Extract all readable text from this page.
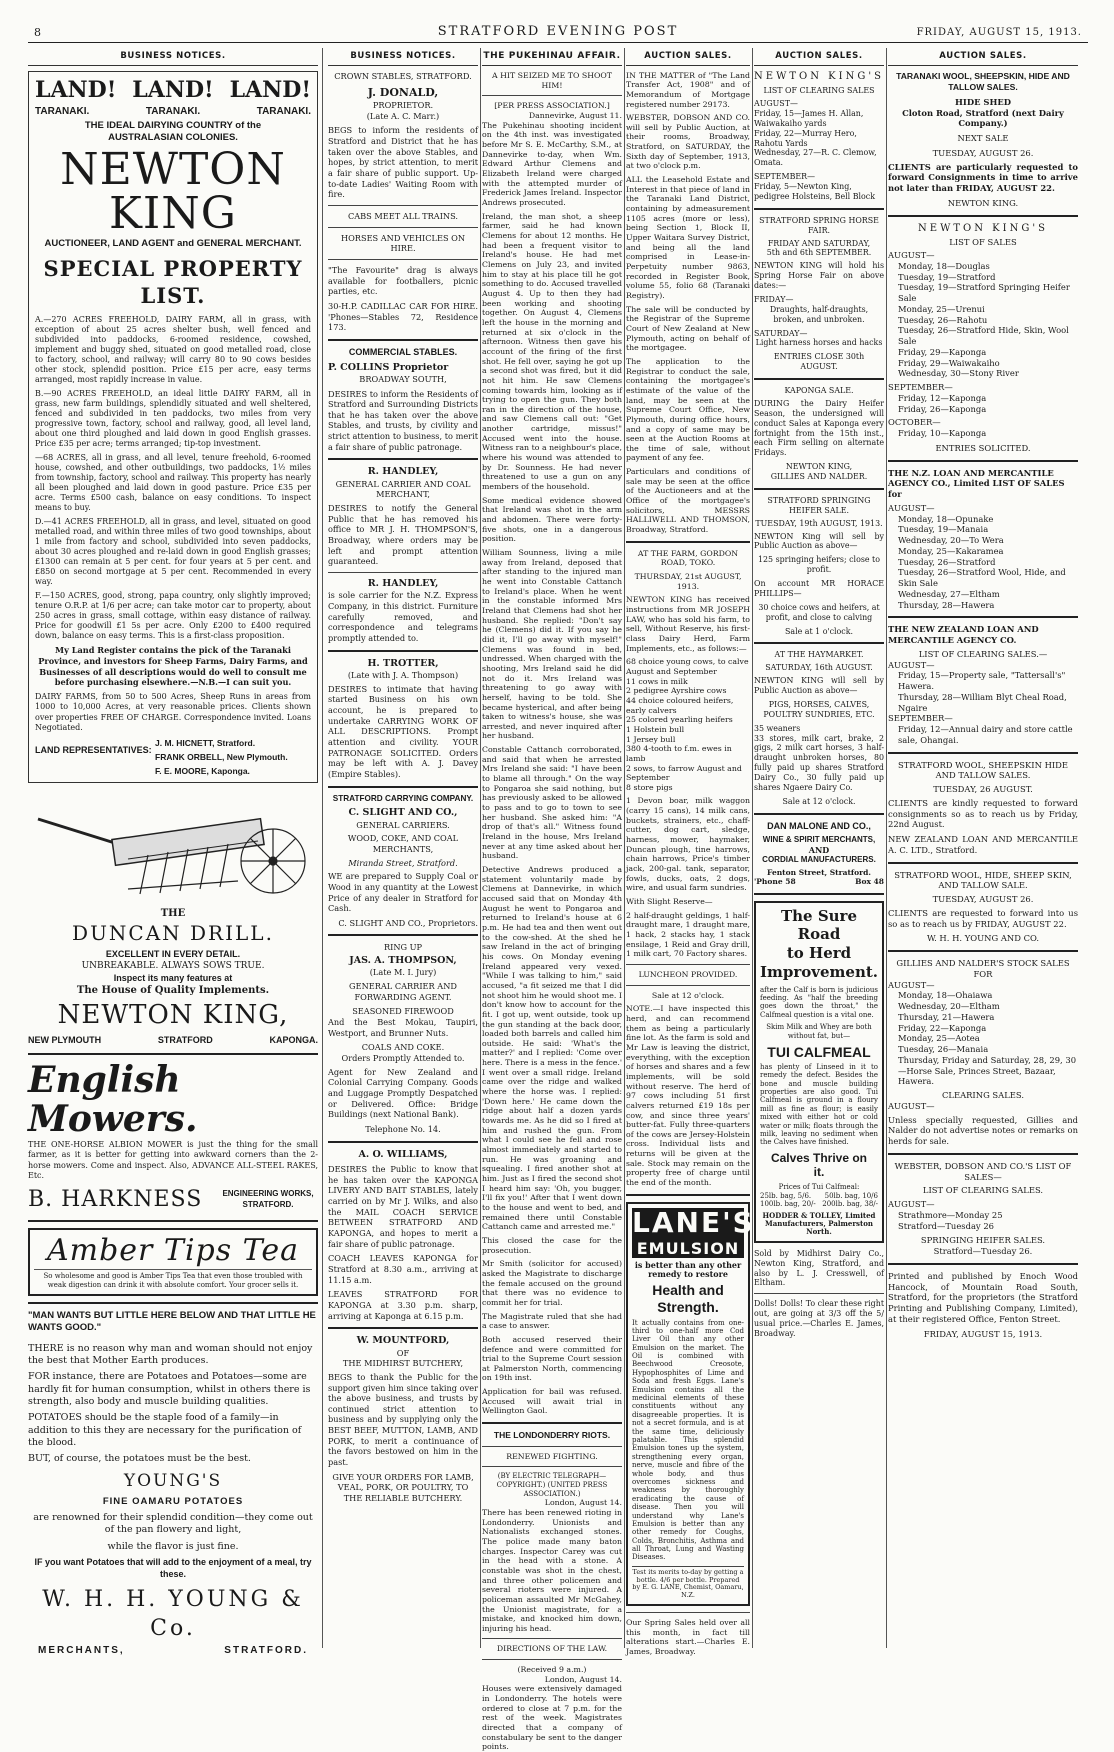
8	STRATFORD EVENING POST	FRIDAY, AUGUST 15, 1913.
BUSINESS NOTICES.
LAND! LAND! LAND!
TARANAKI.	TARANAKI.	TARANAKI.
THE IDEAL DAIRYING COUNTRY of the AUSTRALASIAN COLONIES.
NEWTON KING
AUCTIONEER, LAND AGENT and GENERAL MERCHANT.
SPECIAL PROPERTY LIST.

A.—270 ACRES FREEHOLD, DAIRY FARM, all in grass, with exception of about 25 acres shelter bush, well fenced and subdivided into paddocks, 6-roomed residence, cowshed, implement and buggy shed, situated on good metalled road, close to factory, school, and railway; will carry 80 to 90 cows besides other stock, splendid position. Price £15 per acre, easy terms arranged, most rapidly increase in value.

B.—90 ACRES FREEHOLD, an ideal little DAIRY FARM, all in grass, new farm buildings, splendidly situated and well sheltered, fenced and subdivided in ten paddocks, two miles from very progressive town, factory, school and railway, good, all level land, about one third ploughed and laid down in good English grasses. Price £35 per acre; terms arranged; tip-top investment.

—68 ACRES, all in grass, and all level, tenure freehold, 6-roomed house, cowshed, and other outbuildings, two paddocks, 1½ miles from township, factory, school and railway. This property has nearly all been ploughed and laid down in good pasture. Price £35 per acre. Terms £500 cash, balance on easy conditions. To inspect means to buy.

D.—41 ACRES FREEHOLD, all in grass, and level, situated on good metalled road, and within three miles of two good townships, about 1 mile from factory and school, subdivided into seven paddocks, about 30 acres ploughed and re-laid down in good English grasses; £1300 can remain at 5 per cent. for four years at 5 per cent. and £850 on second mortgage at 5 per cent. Recommended in every way.

F.—150 ACRES, good, strong, papa country, only slightly improved; tenure O.R.P. at 1/6 per acre; can take motor car to property, about 250 acres in grass, small cottage, within easy distance of railway. Price for goodwill £1 5s per acre. Only £200 to £400 required down, balance on easy terms. This is a first-class proposition.

My Land Register contains the pick of the Taranaki Province, and investors for Sheep Farms, Dairy Farms, and Businesses of all descriptions would do well to consult me before purchasing elsewhere.—N.B.—I can suit you.

DAIRY FARMS, from 50 to 500 Acres, Sheep Runs in areas from 1000 to 10,000 Acres, at very reasonable prices. Clients shown over properties FREE OF CHARGE. Correspondence invited. Loans Negotiated.

LAND REPRESENTATIVES:
J. M. HICNETT, Stratford.
FRANK ORBELL, New Plymouth.
F. E. MOORE, Kaponga.
THE
DUNCAN DRILL.
EXCELLENT IN EVERY DETAIL.
UNBREAKABLE. ALWAYS SOWS TRUE.
Inspect its many features at
The House of Quality Implements.
NEWTON KING,
NEW PLYMOUTH	STRATFORD	KAPONGA.
English Mowers.

THE ONE-HORSE ALBION MOWER is just the thing for the small farmer, as it is better for getting into awkward corners than the 2-horse mowers. Come and inspect. Also, ADVANCE ALL-STEEL RAKES, Etc.

B. HARKNESS	ENGINEERING WORKS, STRATFORD.
Amber Tips Tea
So wholesome and good is Amber Tips Tea that even those troubled with weak digestion can drink it with absolute comfort. Your grocer sells it.
"MAN WANTS BUT LITTLE HERE BELOW AND THAT LITTLE HE WANTS GOOD."

THERE is no reason why man and woman should not enjoy the best that Mother Earth produces.

FOR instance, there are Potatoes and Potatoes—some are hardly fit for human consumption, whilst in others there is strength, also body and muscle building qualities.

POTATOES should be the staple food of a family—in addition to this they are necessary for the purification of the blood.

BUT, of course, the potatoes must be the best.

YOUNG'S
FINE OAMARU POTATOES

are renowned for their splendid condition—they come out of the pan flowery and light,

while the flavor is just fine.

IF you want Potatoes that will add to the enjoyment of a meal, try these.

W. H. H. YOUNG & Co.
MERCHANTS,	STRATFORD.
BUSINESS NOTICES.
CROWN STABLES, STRATFORD.
J. DONALD,
PROPRIETOR.
(Late A. C. Marr.)

BEGS to inform the residents of Stratford and District that he has taken over the above Stables, and hopes, by strict attention, to merit a fair share of public support. Up-to-date Ladies' Waiting Room with fire.

CABS MEET ALL TRAINS.
HORSES AND VEHICLES ON HIRE.

"The Favourite" drag is always available for footballers, picnic parties, etc.

30-H.P. CADILLAC CAR FOR HIRE. 'Phones—Stables 72, Residence 173.

COMMERCIAL STABLES.
P. COLLINS Proprietor
BROADWAY SOUTH,

DESIRES to inform the Residents of Stratford and Surrounding Districts that he has taken over the above Stables, and trusts, by civility and strict attention to business, to merit a fair share of public patronage.

R. HANDLEY,
GENERAL CARRIER AND COAL MERCHANT,

DESIRES to notify the General Public that he has removed his office to MR J. H. THOMPSON'S, Broadway, where orders may be left and prompt attention guaranteed.

R. HANDLEY,

is sole carrier for the N.Z. Express Company, in this district. Furniture carefully removed, and correspondence and telegrams promptly attended to.

H. TROTTER,
(Late with J. A. Thompson)

DESIRES to intimate that having started Business on his own account, he is prepared to undertake CARRYING WORK OF ALL DESCRIPTIONS. Prompt attention and civility. YOUR PATRONAGE SOLICITED. Orders may be left with A. J. Davey (Empire Stables).

STRATFORD CARRYING COMPANY.
C. SLIGHT AND CO.,
GENERAL CARRIERS.
WOOD, COKE, AND COAL MERCHANTS,
Miranda Street, Stratford.

WE are prepared to Supply Coal or Wood in any quantity at the Lowest Price of any dealer in Stratford for Cash.

C. SLIGHT AND CO., Proprietors.
RING UP
JAS. A. THOMPSON,
(Late M. I. Jury)

GENERAL CARRIER AND FORWARDING AGENT.

SEASONED FIREWOOD

And the Best Mokau, Taupiri, Westport, and Brunner Nuts.

COALS AND COKE.
Orders Promptly Attended to.

Agent for New Zealand and Colonial Carrying Company. Goods and Luggage Promptly Despatched or Delivered. Office: Bridge Buildings (next National Bank).

Telephone No. 14.
A. O. WILLIAMS,

DESIRES the Public to know that he has taken over the KAPONGA LIVERY AND BAIT STABLES, lately carried on by Mr J. Wilks, and also the MAIL COACH SERVICE BETWEEN STRATFORD AND KAPONGA, and hopes to merit a fair share of public patronage.

COACH LEAVES KAPONGA for Stratford at 8.30 a.m., arriving at 11.15 a.m.

LEAVES STRATFORD FOR KAPONGA at 3.30 p.m. sharp, arriving at Kaponga at 6.15 p.m.

W. MOUNTFORD,
OF
THE MIDHIRST BUTCHERY,

BEGS to thank the Public for the support given him since taking over the above business, and trusts by continued strict attention to business and by supplying only the BEST BEEF, MUTTON, LAMB, AND PORK, to merit a continuance of the favors bestowed on him in the past.

GIVE YOUR ORDERS FOR LAMB, VEAL, PORK, OR POULTRY, TO THE RELIABLE BUTCHERY.

THE PUKEHINAU AFFAIR.
A HIT SEIZED ME TO SHOOT HIM!
[PER PRESS ASSOCIATION.]
Dannevirke, August 11.

The Pukehinau shooting incident on the 4th inst. was investigated before Mr S. E. McCarthy, S.M., at Dannevirke to-day, when Wm. Edward Arthur Clemens and Elizabeth Ireland were charged with the attempted murder of Frederick James Ireland. Inspector Andrews prosecuted.

Ireland, the man shot, a sheep farmer, said he had known Clemens for about 12 months. He had been a frequent visitor to Ireland's house. He had met Clemens on July 23, and invited him to stay at his place till he got something to do. Accused travelled August 4. Up to then they had been working and shooting together. On August 4, Clemens left the house in the morning and returned at six o'clock in the afternoon. Witness then gave his account of the firing of the first shot. He fell over, saying he got up a second shot was fired, but it did not hit him. He saw Clemens coming towards him, looking as if trying to open the gun. They both ran in the direction of the house, and saw Clemens call out: "Get another cartridge, missus!" Accused went into the house. Witness ran to a neighbour's place, where his wound was attended to by Dr. Sounness. He had never threatened to use a gun on any members of the household.

Some medical evidence showed that Ireland was shot in the arm and abdomen. There were forty-five shots, one in a dangerous position.

William Sounness, living a mile away from Ireland, deposed that after standing to the injured man he went into Constable Cattanch to Ireland's place. When he went in the constable informed Mrs Ireland that Clemens had shot her husband. She replied: "Don't say he (Clemens) did it. If you say he did it, I'll go away with myself!" Clemens was found in bed, undressed. When charged with the shooting, Mrs Ireland said he did not do it. Mrs Ireland was threatening to go away with herself, having to be told. She became hysterical, and after being taken to witness's house, she was arrested, and never inquired after her husband.

Constable Cattanch corroborated, and said that when he arrested Mrs Ireland she said: "I have been to blame all through." On the way to Pongaroa she said nothing, but has previously asked to be allowed to pass and to go to town to see her husband. She asked him: "A drop of that's all." Witness found Ireland in the house, Mrs Ireland never at any time asked about her husband.

Detective Andrews produced a statement voluntarily made by Clemens at Dannevirke, in which accused said that on Monday 4th August he went to Pongaroa and returned to Ireland's house at 6 p.m. He had tea and then went out to the cow-shed. At the shed he saw Ireland in the act of bringing his cows. On Monday evening Ireland appeared very vexed. "While I was talking to him," said accused, "a fit seized me that I did not shoot him he would shoot me. I don't know how to account for the fit. I got up, went outside, took up the gun standing at the back door, loaded both barrels and called him outside. He said: 'What's the matter?' and I replied: 'Come over here. There is a mess in the fence.' I went over a small ridge. Ireland came over the ridge and walked where the horse was. I replied: 'Down here.' He came down the ridge about half a dozen yards towards me. As he did so I fired at him and rushed the gun. From what I could see he fell and rose almost immediately and started to run. He was groaning and squealing. I fired another shot at him. Just as I fired the second shot I heard him say: 'Oh, you bugger, I'll fix you!' After that I went down to the house and went to bed, and remained there until Constable Cattanch came and arrested me."

This closed the case for the prosecution.

Mr Smith (solicitor for accused) asked the Magistrate to discharge the female accused on the ground that there was no evidence to commit her for trial.

The Magistrate ruled that she had a case to answer.

Both accused reserved their defence and were committed for trial to the Supreme Court session at Palmerston North, commencing on 19th inst.

Application for bail was refused. Accused will await trial in Wellington Gaol.

THE LONDONDERRY RIOTS.
RENEWED FIGHTING.
(BY ELECTRIC TELEGRAPH—COPYRIGHT.) (UNITED PRESS ASSOCIATION.)
London, August 14.

There has been renewed rioting in Londonderry. Unionists and Nationalists exchanged stones. The police made many baton charges. Inspector Carey was cut in the head with a stone. A constable was shot in the chest, and three other policemen and several rioters were injured. A policeman assaulted Mr McGahey, the Unionist magistrate, for a mistake, and knocked him down, injuring his head.

DIRECTIONS OF THE LAW.
(Received 9 a.m.)
London, August 14.

Houses were extensively damaged in Londonderry. The hotels were ordered to close at 7 p.m. for the rest of the week. Magistrates directed that a company of constabulary be sent to the danger points.

AUCTION SALES.

IN THE MATTER of "The Land Transfer Act, 1908" and of Memorandum of Mortgage registered number 29173.

WEBSTER, DOBSON AND CO. will sell by Public Auction, at their rooms, Broadway, Stratford, on SATURDAY, the Sixth day of September, 1913, at two o'clock p.m.

ALL the Leasehold Estate and Interest in that piece of land in the Taranaki Land District, containing by admeasurement 1105 acres (more or less), being Section 1, Block II, Upper Waitara Survey District, and being all the land comprised in Lease-in-Perpetuity number 9863, recorded in Register Book, volume 55, folio 68 (Taranaki Registry).

The sale will be conducted by the Registrar of the Supreme Court of New Zealand at New Plymouth, acting on behalf of the mortgagee.

The application to the Registrar to conduct the sale, containing the mortgagee's estimate of the value of the land, may be seen at the Supreme Court Office, New Plymouth, during office hours, and a copy of same may be seen at the Auction Rooms at the time of sale, without payment of any fee.

Particulars and conditions of sale may be seen at the office of the Auctioneers and at the Office of the mortgagee's solicitors, MESSRS HALLIWELL AND THOMSON, Broadway, Stratford.

AT THE FARM, GORDON ROAD, TOKO.
THURSDAY, 21st AUGUST, 1913.

NEWTON KING has received instructions from MR JOSEPH LAW, who has sold his farm, to sell, Without Reserve, his first-class Dairy Herd, Farm Implements, etc., as follows:—

68 choice young cows, to calve August and September

11 cows in milk

2 pedigree Ayrshire cows

44 choice coloured heifers, early calvers

25 colored yearling heifers

1 Holstein bull

1 Jersey bull

380 4-tooth to f.m. ewes in lamb

2 sows, to farrow August and September

8 store pigs

1 Devon boar, milk waggon (carry 15 cans), 14 milk cans, buckets, strainers, etc., chaff-cutter, dog cart, sledge, harness, mower, haymaker, Duncan plough, tine harrows, chain harrows, Price's timber jack, 200-gal. tank, separator, fowls, ducks, oats, 2 dogs, wire, and usual farm sundries.

With Slight Reserve—

2 half-draught geldings, 1 half-draught mare, 1 draught mare, 1 hack, 2 stacks hay, 1 stack ensilage, 1 Reid and Gray drill, 1 milk cart, 70 Factory shares.

LUNCHEON PROVIDED.
Sale at 12 o'clock.

NOTE.—I have inspected this herd, and can recommend them as being a particularly fine lot. As the farm is sold and Mr Law is leaving the district, everything, with the exception of horses and shares and a few implements, will be sold without reserve. The herd of 97 cows including 51 first calvers returned £19 18s per cow, and since three years' butter-fat. Fully three-quarters of the cows are Jersey-Holstein cross. Individual lists and returns will be given at the sale. Stock may remain on the property free of charge until the end of the month.

LANE'S
EMULSION
is better than any other remedy to restore
Health and Strength.

It actually contains from one-third to one-half more Cod Liver Oil than any other Emulsion on the market. The Oil is combined with Beechwood Creosote, Hypophosphites of Lime and Soda and fresh Eggs. Lane's Emulsion contains all the medicinal elements of these constituents without any disagreeable properties. It is not a secret formula, and is at the same time, deliciously palatable. This splendid Emulsion tones up the system, strengthening every organ, nerve, muscle and fibre of the whole body, and thus overcomes sickness and weakness by thoroughly eradicating the cause of disease. Then you will understand why Lane's Emulsion is better than any other remedy for Coughs, Colds, Bronchitis, Asthma and all Throat, Lung and Wasting Diseases.

Test its merits to-day by getting a bottle. 4/6 per bottle. Prepared by E. G. LANE, Chemist, Oamaru, N.Z.

Our Spring Sales held over all this month, in fact till alterations start.—Charles E. James, Broadway.

AUCTION SALES.
NEWTON KING'S
LIST OF CLEARING SALES
AUGUST—

Friday, 15—James H. Allan, Waiwakaiho yards

Friday, 22—Murray Hero, Rahotu Yards

Wednesday, 27—R. C. Clemow, Omata.

SEPTEMBER—

Friday, 5—Newton King, pedigree Holsteins, Bell Block

STRATFORD SPRING HORSE FAIR.
FRIDAY AND SATURDAY,
5th and 6th SEPTEMBER.

NEWTON KING will hold his Spring Horse Fair on above dates:—

FRIDAY—

Draughts, half-draughts, broken, and unbroken.

SATURDAY—

Light harness horses and hacks

ENTRIES CLOSE 30th AUGUST.
KAPONGA SALE.

DURING the Dairy Heifer Season, the undersigned will conduct Sales at Kaponga every fortnight from the 15th inst., each Firm selling on alternate Fridays.

NEWTON KING,
GILLIES AND NALDER.
STRATFORD SPRINGING HEIFER SALE.
TUESDAY, 19th AUGUST, 1913.

NEWTON King will sell by Public Auction as above—

125 springing heifers; close to profit.

On account MR HORACE PHILLIPS—

30 choice cows and heifers, at profit, and close to calving

Sale at 1 o'clock.
AT THE HAYMARKET.
SATURDAY, 16th AUGUST.

NEWTON KING will sell by Public Auction as above—

PIGS, HORSES, CALVES, POULTRY SUNDRIES, ETC.

35 weaners
33 stores, milk cart, brake, 2 gigs, 2 milk cart horses, 3 half-draught unbroken horses, 80 fully paid up shares Stratford Dairy Co., 30 fully paid up shares Ngaere Dairy Co.

Sale at 12 o'clock.
DAN MALONE AND CO.,
WINE & SPIRIT MERCHANTS,
AND
CORDIAL MANUFACTURERS.
Fenton Street, Stratford.
'Phone 58	Box 48
The Sure Road
to Herd
Improvement.

after the Calf is born is judicious feeding. As "half the breeding goes down the throat," the Calfmeal question is a vital one.

Skim Milk and Whey are both without fat, but—

TUI CALFMEAL

has plenty of Linseed in it to remedy the defect. Besides the bone and muscle building properties are also good. Tui Calfmeal is ground in a floury mill as fine as flour; is easily mixed with either hot or cold water or milk; floats through the milk, leaving no sediment when the Calves have finished.

Calves Thrive on it.
Prices of Tui Calfmeal:
25lb. bag, 5/6. 50lb. bag, 10/6
100lb. bag, 20/- 200lb. bag, 38/-
HODDER & TOLLEY, Limited
Manufacturers, Palmerston North.

Sold by Midhirst Dairy Co., Newton King, Stratford, and also by L. J. Cresswell, of Eltham.

Dolls! Dolls! To clear these right out, are going at 3/3 off the 5/ usual price.—Charles E. James, Broadway.

AUCTION SALES.
TARANAKI WOOL, SHEEPSKIN, HIDE AND TALLOW SALES.
HIDE SHED
Cloton Road, Stratford (next Dairy Company.)
NEXT SALE
TUESDAY, AUGUST 26.

CLIENTS are particularly requested to forward Consignments in time to arrive not later than FRIDAY, AUGUST 22.

NEWTON KING.
NEWTON KING'S
LIST OF SALES
AUGUST—

Monday, 18—Douglas

Tuesday, 19—Stratford

Tuesday, 19—Stratford Springing Heifer Sale

Monday, 25—Urenui

Tuesday, 26—Rahotu

Tuesday, 26—Stratford Hide, Skin, Wool Sale

Friday, 29—Kaponga

Friday, 29—Waiwakaiho

Wednesday, 30—Stony River

SEPTEMBER—

Friday, 12—Kaponga

Friday, 26—Kaponga

OCTOBER—

Friday, 10—Kaponga

ENTRIES SOLICITED.
THE N.Z. LOAN AND MERCANTILE AGENCY CO., Limited LIST OF SALES for
AUGUST—

Monday, 18—Opunake

Tuesday, 19—Manaia

Wednesday, 20—To Wera

Monday, 25—Kakaramea

Tuesday, 26—Stratford

Tuesday, 26—Stratford Wool, Hide, and Skin Sale

Wednesday, 27—Eltham

Thursday, 28—Hawera

THE NEW ZEALAND LOAN AND MERCANTILE AGENCY CO.
LIST OF CLEARING SALES.—
AUGUST—

Friday, 15—Property sale, "Tattersall's" Hawera.

Thursday, 28—William Blyt Cheal Road, Ngaire

SEPTEMBER—

Friday, 12—Annual dairy and store cattle sale, Ohangai.

STRATFORD WOOL, SHEEPSKIN HIDE AND TALLOW SALES.
TUESDAY, 26 AUGUST.

CLIENTS are kindly requested to forward consignments so as to reach us by Friday, 22nd August.

NEW ZEALAND LOAN AND MERCANTILE A. C. LTD., Stratford.

STRATFORD WOOL, HIDE, SHEEP SKIN, AND TALLOW SALE.
TUESDAY, AUGUST 26.

CLIENTS are requested to forward into us so as to reach us by FRIDAY, AUGUST 22.

W. H. H. YOUNG AND CO.
GILLIES AND NALDER'S STOCK SALES FOR
AUGUST—

Monday, 18—Ohaiawa

Wednesday, 20—Eltham

Thursday, 21—Hawera

Friday, 22—Kaponga

Monday, 25—Aotea

Tuesday, 26—Manaia

Thursday, Friday and Saturday, 28, 29, 30—Horse Sale, Princes Street, Bazaar, Hawera.

CLEARING SALES.
AUGUST—

Unless specially requested, Gillies and Nalder do not advertise notes or remarks on herds for sale.

WEBSTER, DOBSON AND CO.'S LIST OF SALES—
LIST OF CLEARING SALES.
AUGUST—

Strathmore—Monday 25

Stratford—Tuesday 26

SPRINGING HEIFER SALES.
Stratford—Tuesday 26.

Printed and published by Enoch Wood Hancock, of Mountain Road South, Stratford, for the proprietors (the Stratford Printing and Publishing Company, Limited), at their registered Office, Fenton Street.

FRIDAY, AUGUST 15, 1913.
